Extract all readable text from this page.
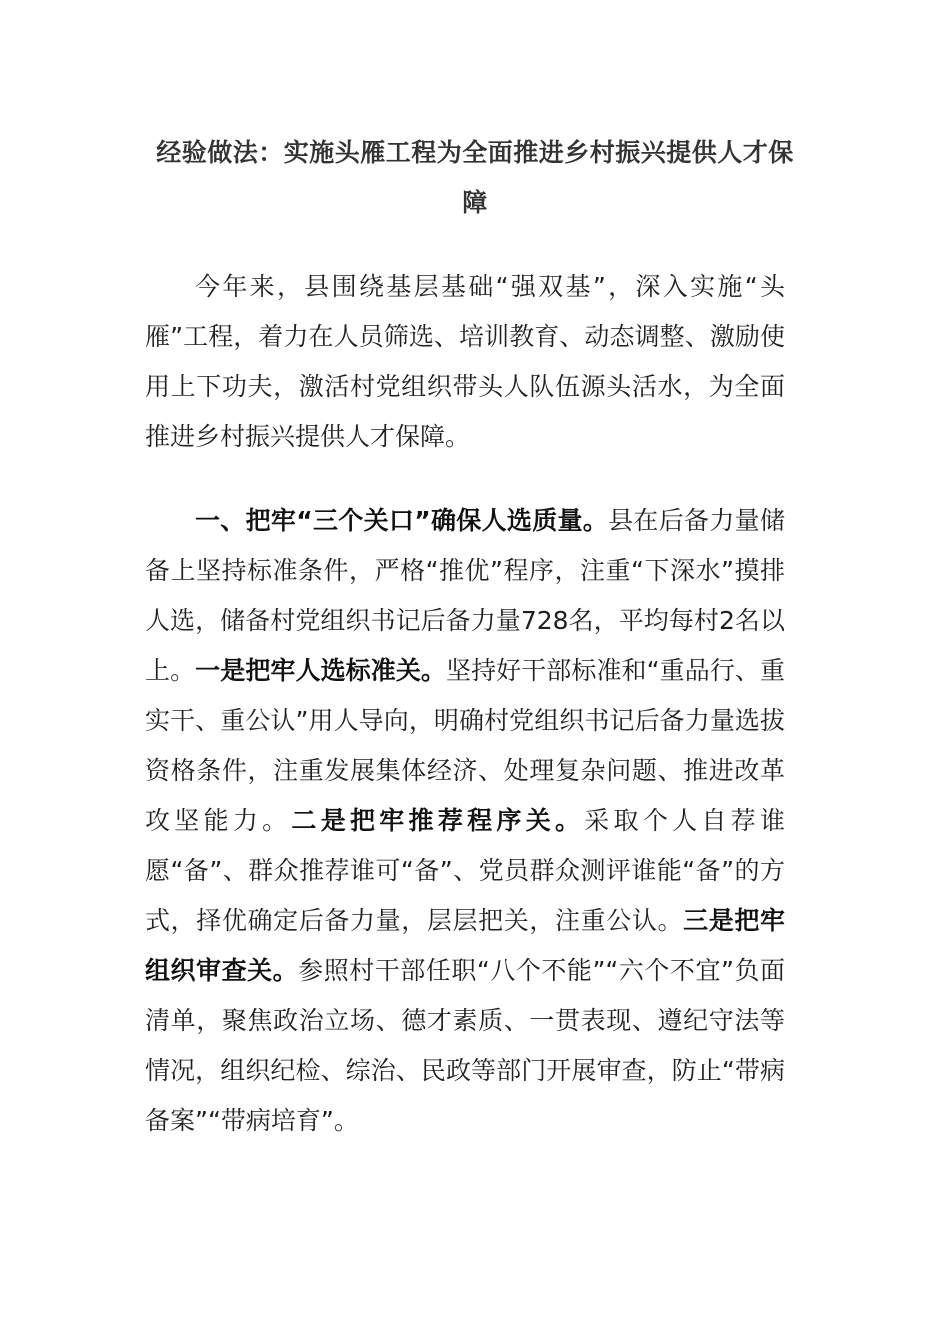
经验做法：实施头雁工程为全面推进乡村振兴提供人才保障

今年来，县围绕基层基础“强双基”，深入实施“头雁”工程，着力在人员筛选、培训教育、动态调整、激励使用上下功夫，激活村党组织带头人队伍源头活水，为全面推进乡村振兴提供人才保障。

一、把牢“三个关口”确保人选质量。县在后备力量储备上坚持标准条件，严格“推优”程序，注重“下深水”摸排人选，储备村党组织书记后备力量728名，平均每村2名以上。一是把牢人选标准关。坚持好干部标准和“重品行、重实干、重公认”用人导向，明确村党组织书记后备力量选拔资格条件，注重发展集体经济、处理复杂问题、推进改革攻坚能力。二是把牢推荐程序关。采取个人自荐谁愿“备”、群众推荐谁可“备”、党员群众测评谁能“备”的方式，择优确定后备力量，层层把关，注重公认。三是把牢组织审查关。参照村干部任职“八个不能”“六个不宜”负面清单，聚焦政治立场、德才素质、一贯表现、遵纪守法等情况，组织纪检、综治、民政等部门开展审查，防止“带病备案”“带病培育”。
